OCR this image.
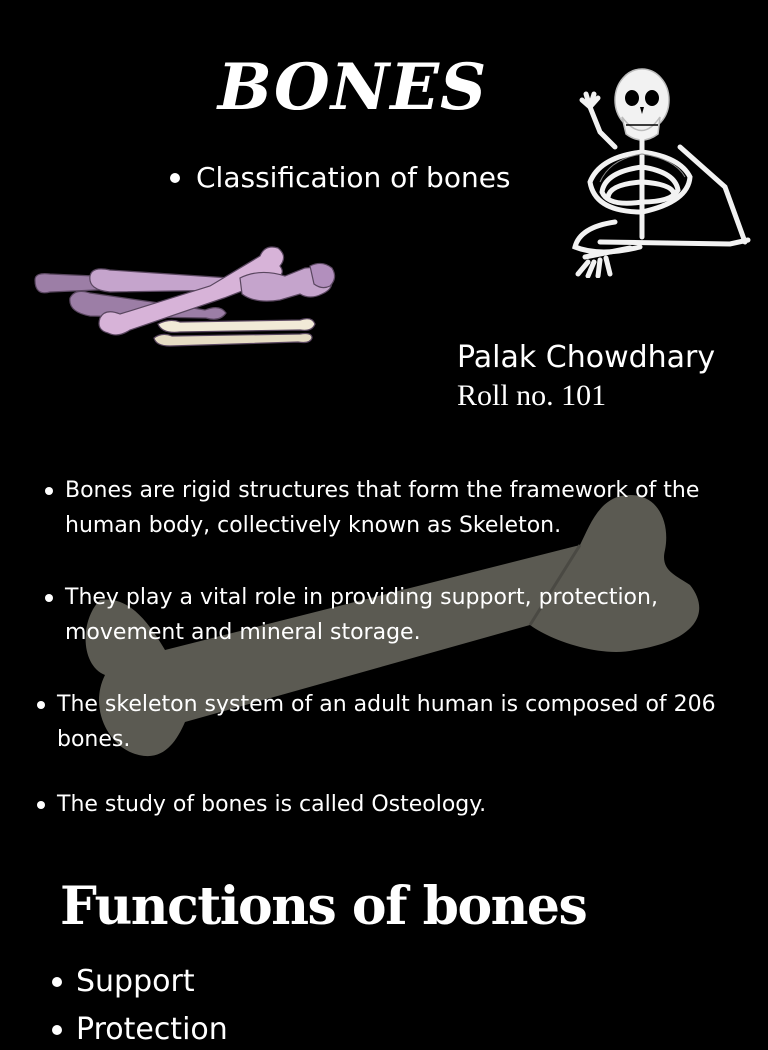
BONES
Classification of bones

Palak Chowdhary

Roll no. 101

Bones are rigid structures that form the framework of the human body, collectively known as Skeleton.
They play a vital role in providing support, protection, movement and mineral storage.
The skeleton system of an adult human is composed of 206 bones.
The study of bones is called Osteology.
Functions of bones
Support
Protection
